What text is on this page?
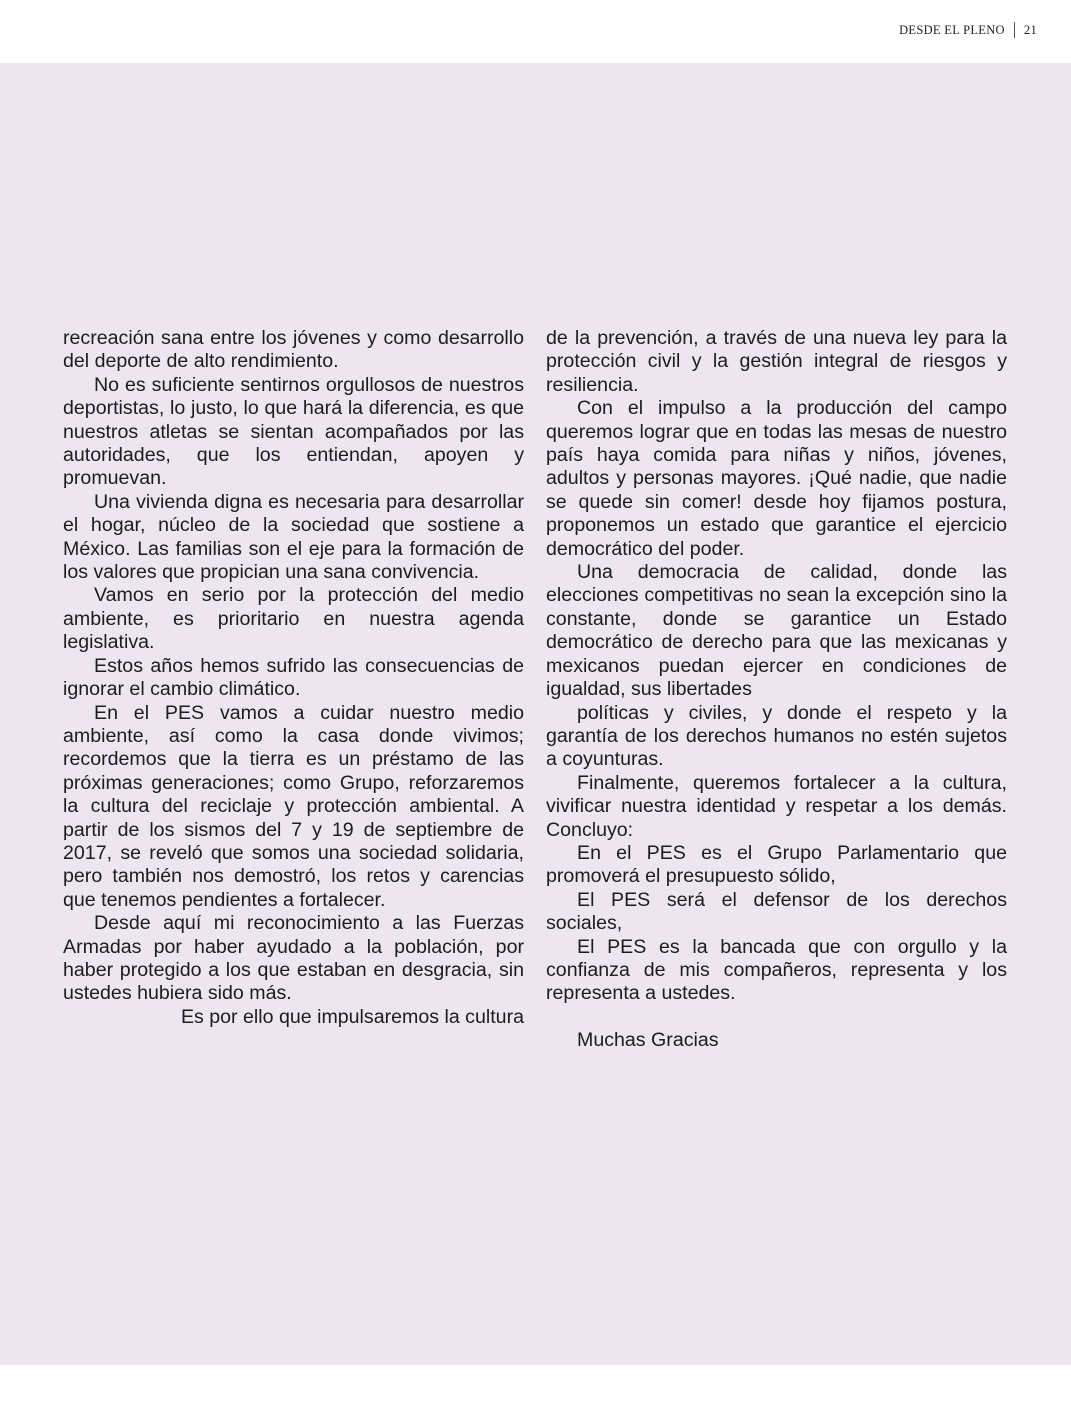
DESDE EL PLENO 21

recreación sana entre los jóvenes y como desarrollo del deporte de alto rendimiento.

No es suficiente sentirnos orgullosos de nuestros deportistas, lo justo, lo que hará la diferencia, es que nuestros atletas se sientan acompañados por las autoridades, que los entiendan, apoyen y promuevan.

Una vivienda digna es necesaria para desarrollar el hogar, núcleo de la sociedad que sostiene a México. Las familias son el eje para la formación de los valores que propician una sana convivencia.

Vamos en serio por la protección del medio ambiente, es prioritario en nuestra agenda legislativa.

Estos años hemos sufrido las consecuencias de ignorar el cambio climático.

En el PES vamos a cuidar nuestro medio ambiente, así como la casa donde vivimos; recordemos que la tierra es un préstamo de las próximas generaciones; como Grupo, reforzaremos la cultura del reciclaje y protección ambiental. A partir de los sismos del 7 y 19 de septiembre de 2017, se reveló que somos una sociedad solidaria, pero también nos demostró, los retos y carencias que tenemos pendientes a fortalecer.

Desde aquí mi reconocimiento a las Fuerzas Armadas por haber ayudado a la población, por haber protegido a los que estaban en desgracia, sin ustedes hubiera sido más.

Es por ello que impulsaremos la cultura

de la prevención, a través de una nueva ley para la protección civil y la gestión integral de riesgos y resiliencia.

Con el impulso a la producción del campo queremos lograr que en todas las mesas de nuestro país haya comida para niñas y niños, jóvenes, adultos y personas mayores. ¡Qué nadie, que nadie se quede sin comer! desde hoy fijamos postura, proponemos un estado que garantice el ejercicio democrático del poder.

Una democracia de calidad, donde las elecciones competitivas no sean la excepción sino la constante, donde se garantice un Estado democrático de derecho para que las mexicanas y mexicanos puedan ejercer en condiciones de igualdad, sus libertades

políticas y civiles, y donde el respeto y la garantía de los derechos humanos no estén sujetos a coyunturas.

Finalmente, queremos fortalecer a la cultura, vivificar nuestra identidad y respetar a los demás. Concluyo:

En el PES es el Grupo Parlamentario que promoverá el presupuesto sólido,

El PES será el defensor de los derechos sociales,

El PES es la bancada que con orgullo y la confianza de mis compañeros, representa y los representa a ustedes.

Muchas Gracias
